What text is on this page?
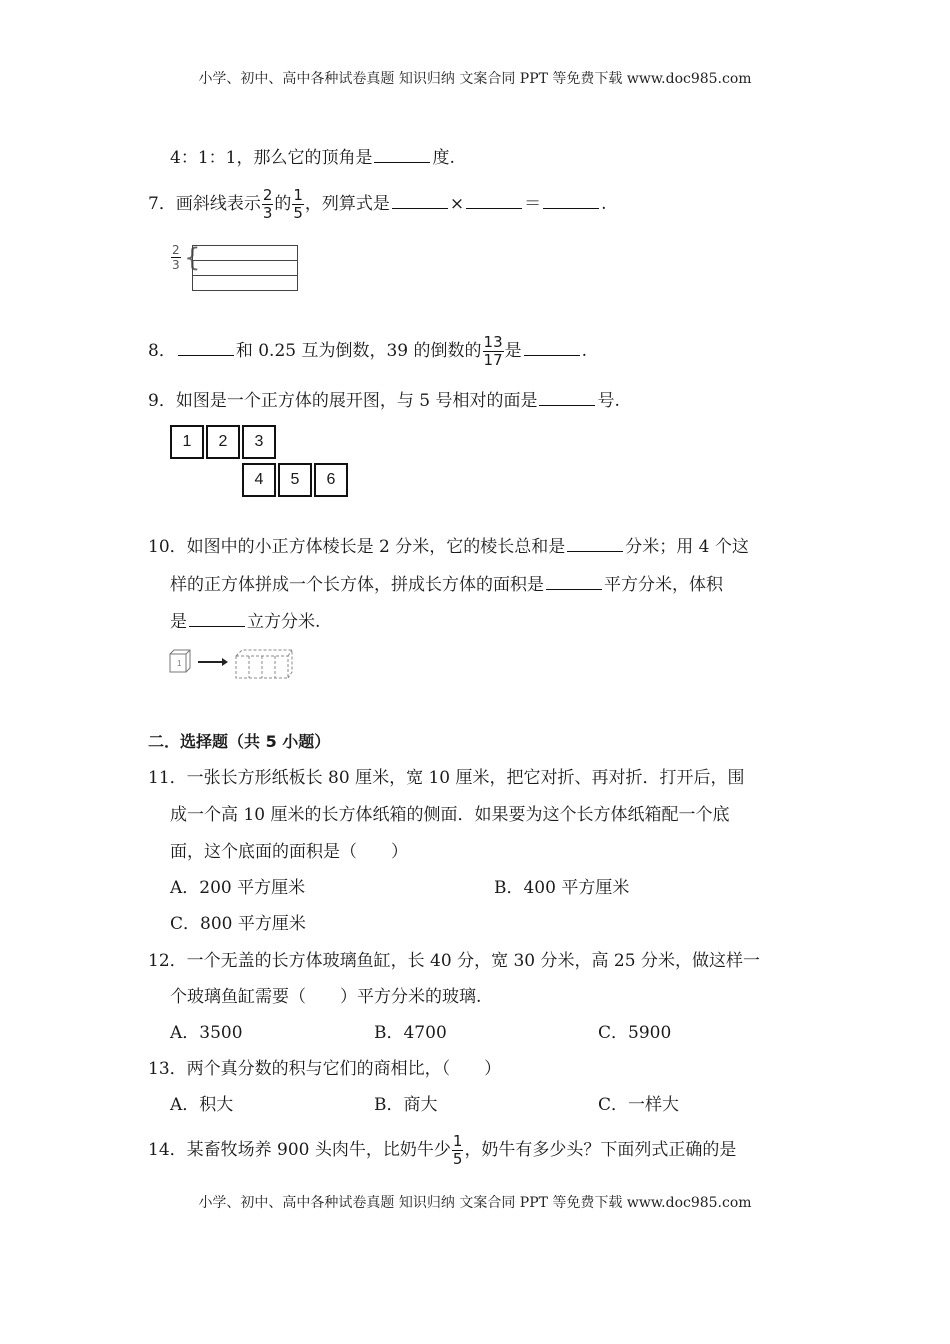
小学、初中、高中各种试卷真题 知识归纳 文案合同 PPT 等免费下载 www.doc985.com
4：1：1，那么它的顶角是	度.
7．画斜线表示 $\frac{2}{3}$ 的 $\frac{1}{5}$ ，列算式是	×	＝	.
2
3 {
8．	和 0.25 互为倒数，39 的倒数的 $\frac{13}{17}$ 是	.
9．如图是一个正方体的展开图，与 5 号相对的面是	号.
1	2	3
4	5	6
10．如图中的小正方体棱长是 2 分米，它的棱长总和是	分米；用 4 个这
样的正方体拼成一个长方体，拼成长方体的面积是	平方分米，体积
是	立方分米.
1
二．选择题（共 5 小题）
11．一张长方形纸板长 80 厘米，宽 10 厘米，把它对折、再对折．打开后，围
成一个高 10 厘米的长方体纸箱的侧面．如果要为这个长方体纸箱配一个底
面，这个底面的面积是（　　）
A．200 平方厘米	B．400 平方厘米
C．800 平方厘米
12．一个无盖的长方体玻璃鱼缸，长 40 分，宽 30 分米，高 25 分米，做这样一
个玻璃鱼缸需要（　　）平方分米的玻璃.
A．3500	B．4700	C．5900
13．两个真分数的积与它们的商相比，（　　）
A．积大	B．商大	C．一样大
14．某畜牧场养 900 头肉牛，比奶牛少 $\frac{1}{5}$ ，奶牛有多少头？下面列式正确的是
小学、初中、高中各种试卷真题 知识归纳 文案合同 PPT 等免费下载 www.doc985.com
